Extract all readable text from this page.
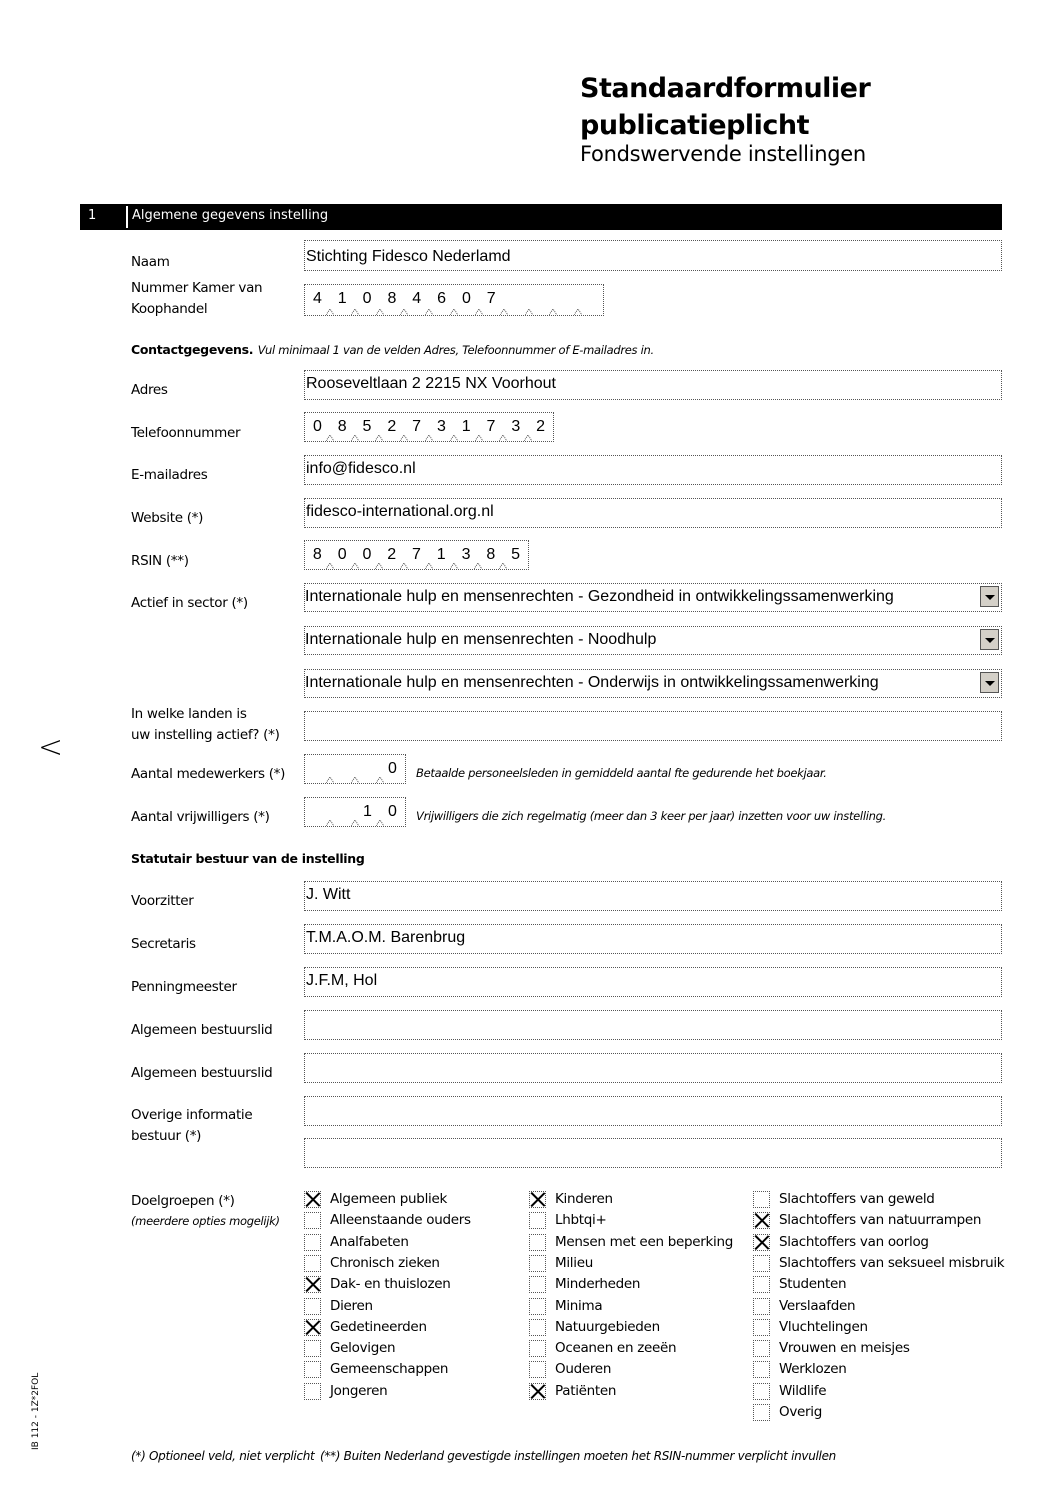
Standaardformulier
publicatieplicht
Fondswervende instellingen
1	Algemene gegevens instelling
<
IB 112 - 1Z*2FOL
Naam	Stichting Fidesco Nederlamd
Nummer Kamer van
Koophandel
4 1 0 8 4 6 0 7
Contactgegevens. Vul minimaal 1 van de velden Adres, Telefoonnummer of E-mailadres in.
Adres	Rooseveltlaan 2 2215 NX Voorhout
Telefoonnummer	0 8 5 2 7 3 1 7 3 2
E-mailadres	info@fidesco.nl
Website (*)	fidesco-international.org.nl
RSIN (**)	8 0 0 2 7 1 3 8 5
Actief in sector (*)	Internationale hulp en mensenrechten - Gezondheid in ontwikkelingssamenwerking
Internationale hulp en mensenrechten - Noodhulp
Internationale hulp en mensenrechten - Onderwijs in ontwikkelingssamenwerking
In welke landen is
uw instelling actief? (*)
Aantal medewerkers (*)	0	Betaalde personeelsleden in gemiddeld aantal fte gedurende het boekjaar.
Aantal vrijwilligers (*)	1	0	Vrijwilligers die zich regelmatig (meer dan 3 keer per jaar) inzetten voor uw instelling.
Statutair bestuur van de instelling
Voorzitter	J. Witt
Secretaris	T.M.A.O.M. Barenbrug
Penningmeester	J.F.M, Hol
Algemeen bestuurslid
Algemeen bestuurslid
Overige informatie
bestuur (*)
Doelgroepen (*)
(meerdere opties mogelijk)
Algemeen publiek
Alleenstaande ouders
Analfabeten
Chronisch zieken
Dak- en thuislozen
Dieren
Gedetineerden
Gelovigen
Gemeenschappen
Jongeren
Kinderen
Lhbtqi+
Mensen met een beperking
Milieu
Minderheden
Minima
Natuurgebieden
Oceanen en zeeën
Ouderen
Patiënten
Slachtoffers van geweld
Slachtoffers van natuurrampen
Slachtoffers van oorlog
Slachtoffers van seksueel misbruik
Studenten
Verslaafden
Vluchtelingen
Vrouwen en meisjes
Werklozen
Wildlife
Overig
(*) Optioneel veld, niet verplicht (**) Buiten Nederland gevestigde instellingen moeten het RSIN-nummer verplicht invullen
